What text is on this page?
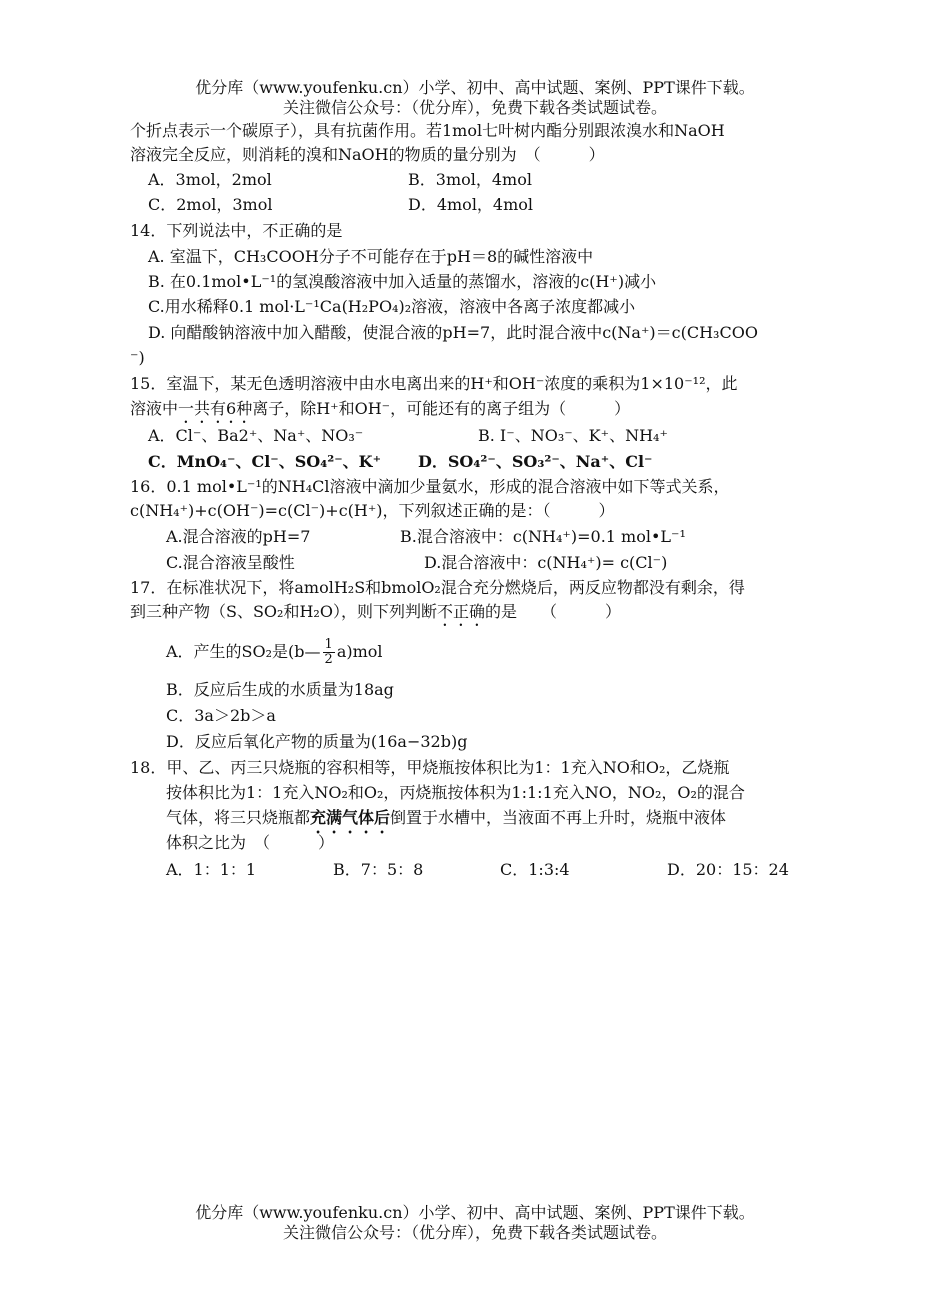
优分库（www.youfenku.cn）小学、初中、高中试题、案例、PPT课件下载。
关注微信公众号：（优分库），免费下载各类试题试卷。
个折点表示一个碳原子），具有抗菌作用。若1mol七叶树内酯分别跟浓溴水和NaOH
溶液完全反应，则消耗的溴和NaOH的物质的量分别为　（　　　）
A．3mol，2mol	B．3mol，4mol
C．2mol，3mol	D．4mol，4mol
14．下列说法中，不正确的是
A. 室温下，CH₃COOH分子不可能存在于pH＝8的碱性溶液中
B. 在0.1mol•L⁻¹的氢溴酸溶液中加入适量的蒸馏水，溶液的c(H⁺)减小
C.用水稀释0.1 mol·L⁻¹Ca(H₂PO₄)₂溶液，溶液中各离子浓度都减小
D. 向醋酸钠溶液中加入醋酸，使混合液的pH=7，此时混合液中c(Na⁺)＝c(CH₃COO
⁻)
15．室温下，某无色透明溶液中由水电离出来的H⁺和OH⁻浓度的乘积为1×10⁻¹²，此
溶液中一共有6种离子，除H⁺和OH⁻，可能还有的离子组为（　　　）
A．Cl⁻、Ba2⁺、Na⁺、NO₃⁻	B. I⁻、NO₃⁻、K⁺、NH₄⁺
C．MnO₄⁻、Cl⁻、SO₄²⁻、K⁺ D．SO₄²⁻、SO₃²⁻、Na⁺、Cl⁻
16．0.1 mol•L⁻¹的NH₄Cl溶液中滴加少量氨水，形成的混合溶液中如下等式关系，
c(NH₄⁺)+c(OH⁻)=c(Cl⁻)+c(H⁺)，下列叙述正确的是：（　　　）
A.混合溶液的pH=7	B.混合溶液中：c(NH₄⁺)=0.1 mol•L⁻¹
C.混合溶液呈酸性	D.混合溶液中：c(NH₄⁺)= c(Cl⁻)
17．在标准状况下，将amolH₂S和bmolO₂混合充分燃烧后，两反应物都没有剩余，得
到三种产物（S、SO₂和H₂O），则下列判断不正确的是　　（　　　）
A．产生的SO₂是(b— $\frac{1}{2} a)mol$
B．反应后生成的水质量为18ag
C．3a＞2b＞a
D．反应后氧化产物的质量为(16a−32b)g
18．甲、乙、丙三只烧瓶的容积相等，甲烧瓶按体积比为1：1充入NO和O₂，乙烧瓶
按体积比为1：1充入NO₂和O₂，丙烧瓶按体积为1:1:1充入NO，NO₂，O₂的混合
气体，将三只烧瓶都充满气体后倒置于水槽中，当液面不再上升时，烧瓶中液体
体积之比为　（　　　）
A．1：1：1	B．7：5：8	C．1:3:4	D．20：15：24
优分库（www.youfenku.cn）小学、初中、高中试题、案例、PPT课件下载。
关注微信公众号：（优分库），免费下载各类试题试卷。
